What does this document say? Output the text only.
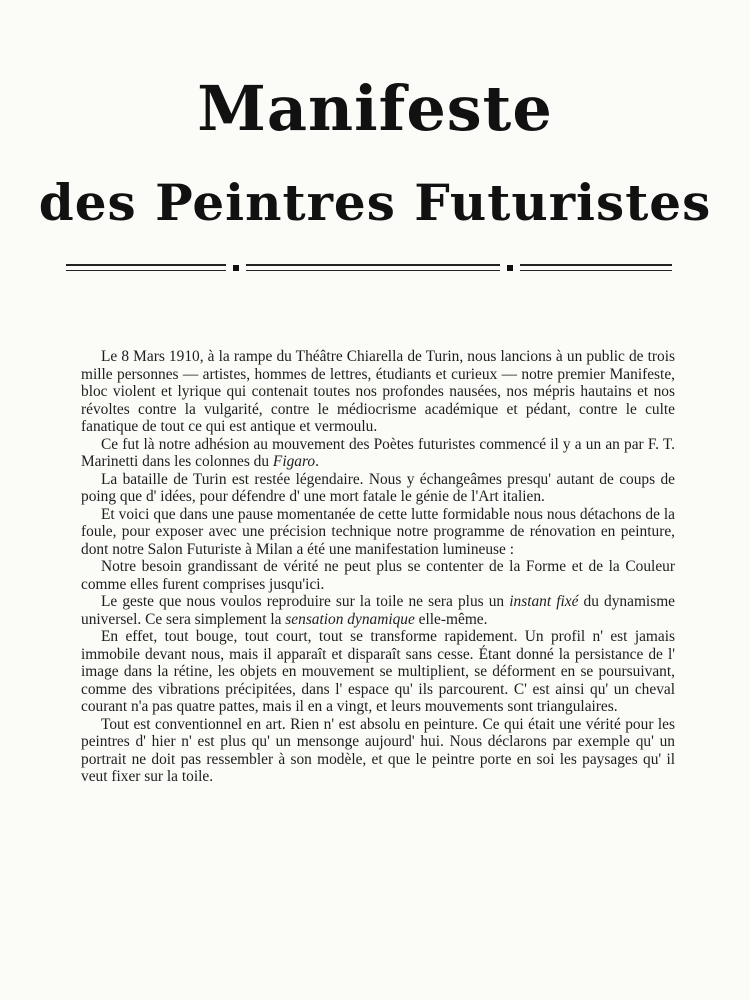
Manifeste
des Peintres Futuristes

Le 8 Mars 1910, à la rampe du Théâtre Chiarella de Turin, nous lancions à un public de trois mille personnes — artistes, hommes de lettres, étudiants et curieux — notre premier Manifeste, bloc violent et lyrique qui contenait toutes nos profondes nausées, nos mépris hautains et nos révoltes contre la vulgarité, contre le médiocrisme académique et pédant, contre le culte fanatique de tout ce qui est antique et vermoulu.

Ce fut là notre adhésion au mouvement des Poètes futuristes commencé il y a un an par F. T. Marinetti dans les colonnes du Figaro.

La bataille de Turin est restée légendaire. Nous y échangeâmes presqu' autant de coups de poing que d' idées, pour défendre d' une mort fatale le génie de l'Art italien.

Et voici que dans une pause momentanée de cette lutte formidable nous nous détachons de la foule, pour exposer avec une précision technique notre programme de rénovation en peinture, dont notre Salon Futuriste à Milan a été une manifestation lumineuse :

Notre besoin grandissant de vérité ne peut plus se contenter de la Forme et de la Couleur comme elles furent comprises jusqu'ici.

Le geste que nous voulos reproduire sur la toile ne sera plus un instant fixé du dynamisme universel. Ce sera simplement la sensation dynamique elle-même.

En effet, tout bouge, tout court, tout se transforme rapidement. Un profil n' est jamais immobile devant nous, mais il apparaît et disparaît sans cesse. Étant donné la persistance de l' image dans la rétine, les objets en mouvement se multiplient, se déforment en se poursuivant, comme des vibrations précipitées, dans l' espace qu' ils parcourent. C' est ainsi qu' un cheval courant n'a pas quatre pattes, mais il en a vingt, et leurs mouvements sont triangulaires.

Tout est conventionnel en art. Rien n' est absolu en peinture. Ce qui était une vérité pour les peintres d' hier n' est plus qu' un mensonge aujourd' hui. Nous déclarons par exemple qu' un portrait ne doit pas ressembler à son modèle, et que le peintre porte en soi les paysages qu' il veut fixer sur la toile.
